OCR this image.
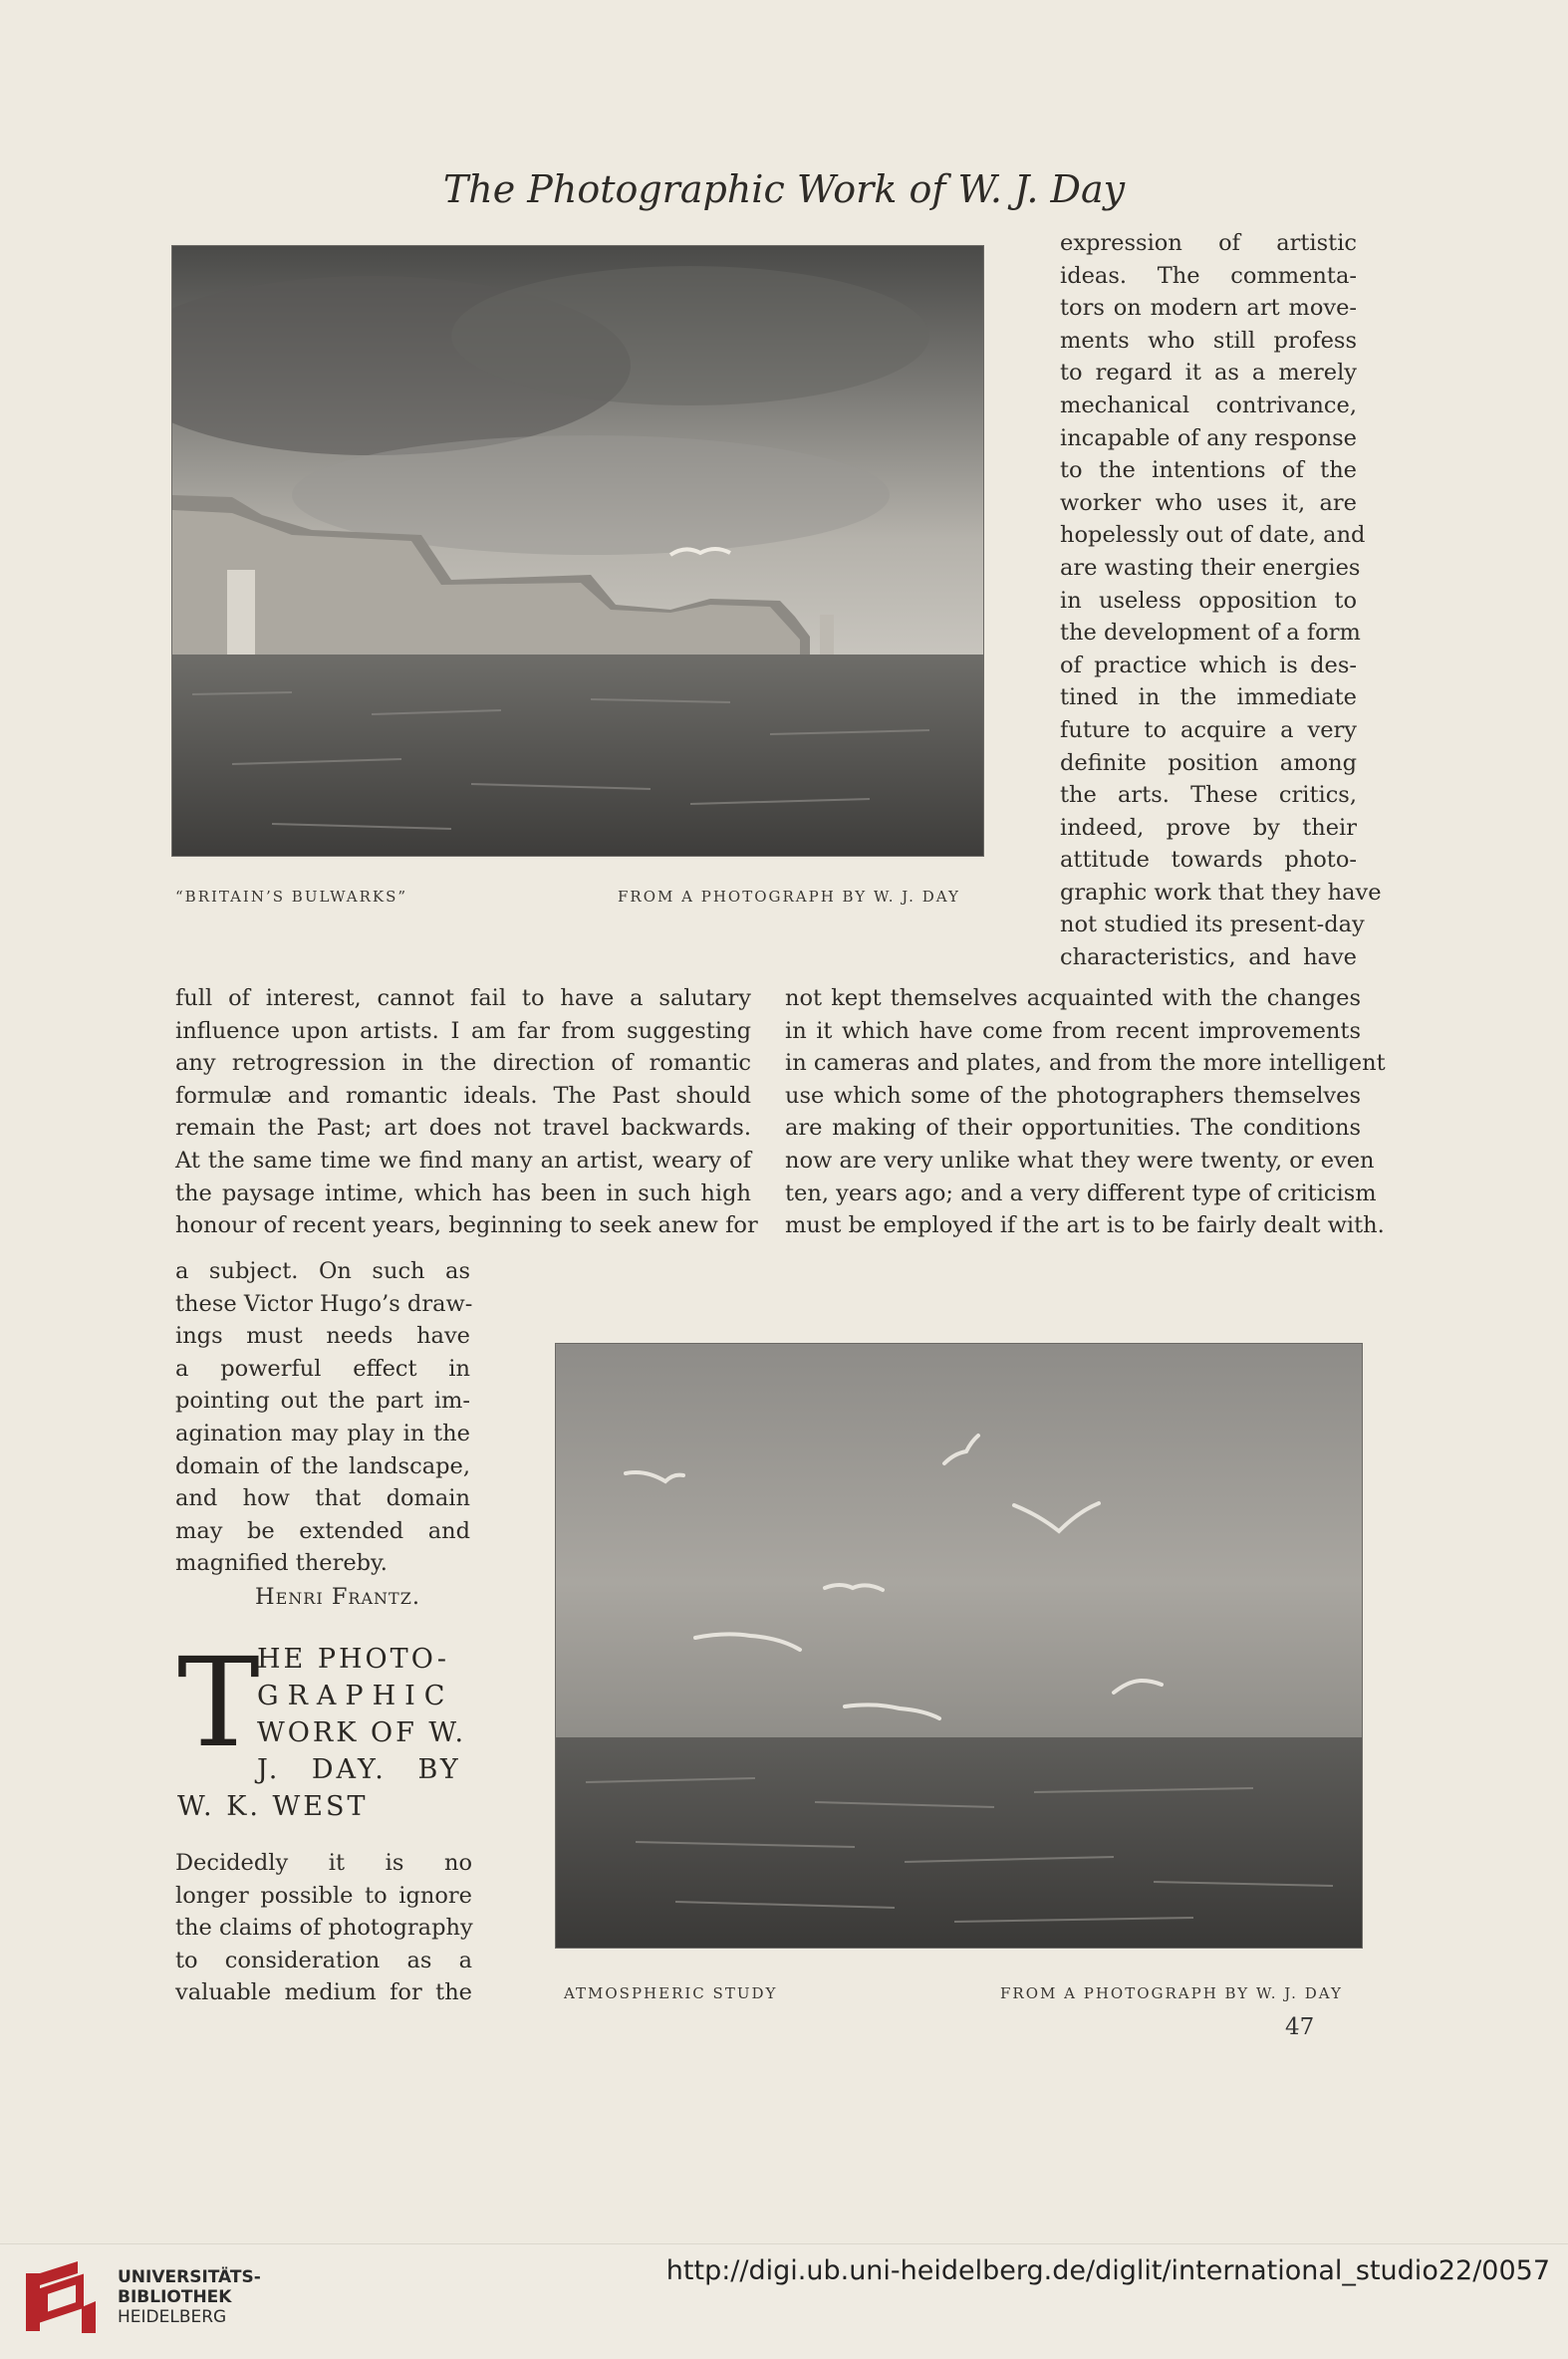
The Photographic Work of W. J. Day
“BRITAIN’S BULWARKS”	FROM A PHOTOGRAPH BY W. J. DAY

expression of artistic
ideas. The commenta-
tors on modern art move-
ments who still profess
to regard it as a merely
mechanical contrivance,
incapable of any response
to the intentions of the
worker who uses it, are
hopelessly out of date, and
are wasting their energies
in useless opposition to
the development of a form
of practice which is des-
tined in the immediate
future to acquire a very
definite position among
the arts. These critics,
indeed, prove by their
attitude towards photo-
graphic work that they have
not studied its present-day
characteristics, and have

full of interest, cannot fail to have a salutary
influence upon artists. I am far from suggesting
any retrogression in the direction of romantic
formulæ and romantic ideals. The Past should
remain the Past; art does not travel backwards.
At the same time we find many an artist, weary of
the paysage intime, which has been in such high
honour of recent years, beginning to seek anew for

not kept themselves acquainted with the changes
in it which have come from recent improvements
in cameras and plates, and from the more intelligent
use which some of the photographers themselves
are making of their opportunities. The conditions
now are very unlike what they were twenty, or even
ten, years ago; and a very different type of criticism
must be employed if the art is to be fairly dealt with.

a subject. On such as
these Victor Hugo’s draw-
ings must needs have
a powerful effect in
pointing out the part im-
agination may play in the
domain of the landscape,
and how that domain
may be extended and
magnified thereby.

Henri Frantz.

T
HE PHOTO-
GRAPHIC
WORK OF W.
J. DAY. BY
W. K. WEST

Decidedly it is no
longer possible to ignore
the claims of photography
to consideration as a
valuable medium for the	ATMOSPHERIC STUDY	FROM A PHOTOGRAPH BY W. J. DAY
47
UNIVERSITÄTS-
BIBLIOTHEK
HEIDELBERG
http://digi.ub.uni-heidelberg.de/diglit/international_studio22/0057
